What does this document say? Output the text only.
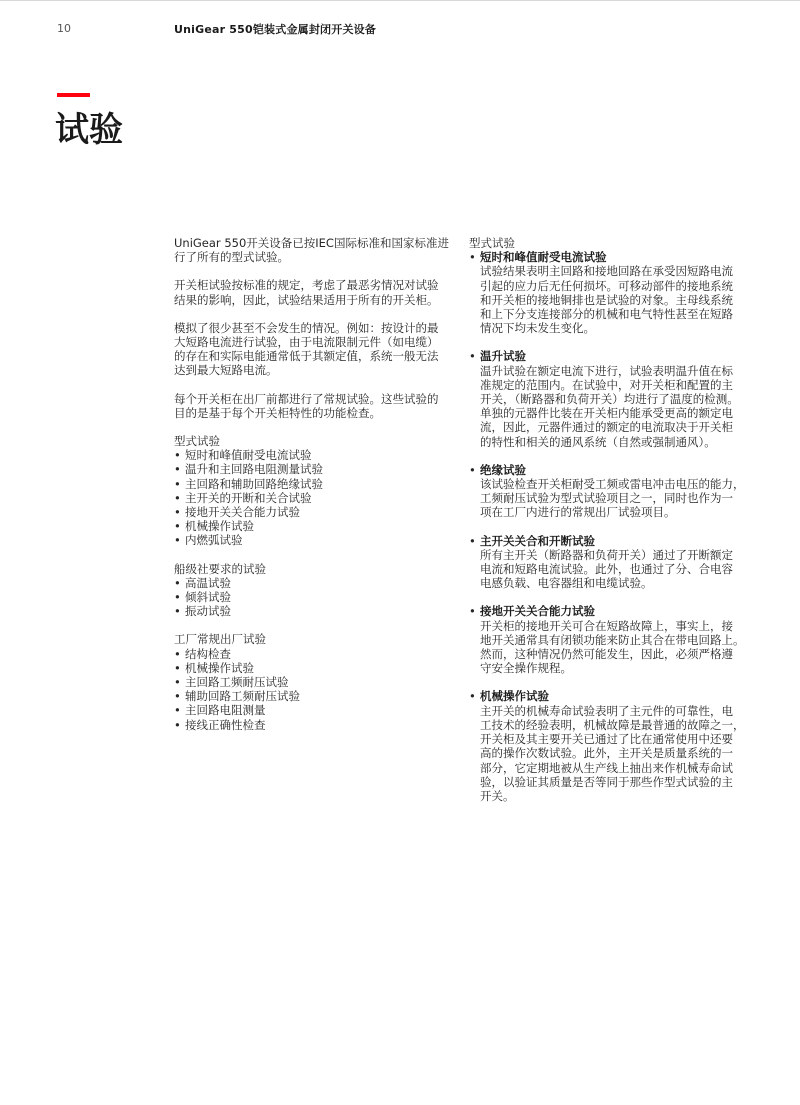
10	UniGear 550铠装式金属封闭开关设备
试验

UniGear 550开关设备已按IEC国际标准和国家标准进
行了所有的型式试验。

开关柜试验按标准的规定，考虑了最恶劣情况对试验
结果的影响，因此，试验结果适用于所有的开关柜。

模拟了很少甚至不会发生的情况。例如：按设计的最
大短路电流进行试验，由于电流限制元件（如电缆）
的存在和实际电能通常低于其额定值，系统一般无法
达到最大短路电流。

每个开关柜在出厂前都进行了常规试验。这些试验的
目的是基于每个开关柜特性的功能检查。

型式试验
• 短时和峰值耐受电流试验
• 温升和主回路电阻测量试验
• 主回路和辅助回路绝缘试验
• 主开关的开断和关合试验
• 接地开关关合能力试验
• 机械操作试验
• 内燃弧试验
船级社要求的试验
• 高温试验
• 倾斜试验
• 振动试验
工厂常规出厂试验
• 结构检查
• 机械操作试验
• 主回路工频耐压试验
• 辅助回路工频耐压试验
• 主回路电阻测量
• 接线正确性检查
型式试验
• 短时和峰值耐受电流试验
试验结果表明主回路和接地回路在承受因短路电流
引起的应力后无任何损坏。可移动部件的接地系统
和开关柜的接地铜排也是试验的对象。主母线系统
和上下分支连接部分的机械和电气特性甚至在短路
情况下均未发生变化。
• 温升试验
温升试验在额定电流下进行，试验表明温升值在标
准规定的范围内。在试验中，对开关柜和配置的主
开关，（断路器和负荷开关）均进行了温度的检测。
单独的元器件比装在开关柜内能承受更高的额定电
流，因此，元器件通过的额定的电流取决于开关柜
的特性和相关的通风系统（自然或强制通风）。
• 绝缘试验
该试验检查开关柜耐受工频或雷电冲击电压的能力，
工频耐压试验为型式试验项目之一，同时也作为一
项在工厂内进行的常规出厂试验项目。
• 主开关关合和开断试验
所有主开关（断路器和负荷开关）通过了开断额定
电流和短路电流试验。此外，也通过了分、合电容
电感负载、电容器组和电缆试验。
• 接地开关关合能力试验
开关柜的接地开关可合在短路故障上，事实上，接
地开关通常具有闭锁功能来防止其合在带电回路上。
然而，这种情况仍然可能发生，因此，必须严格遵
守安全操作规程。
• 机械操作试验
主开关的机械寿命试验表明了主元件的可靠性，电
工技术的经验表明，机械故障是最普通的故障之一，
开关柜及其主要开关已通过了比在通常使用中还要
高的操作次数试验。此外，主开关是质量系统的一
部分，它定期地被从生产线上抽出来作机械寿命试
验，以验证其质量是否等同于那些作型式试验的主
开关。
